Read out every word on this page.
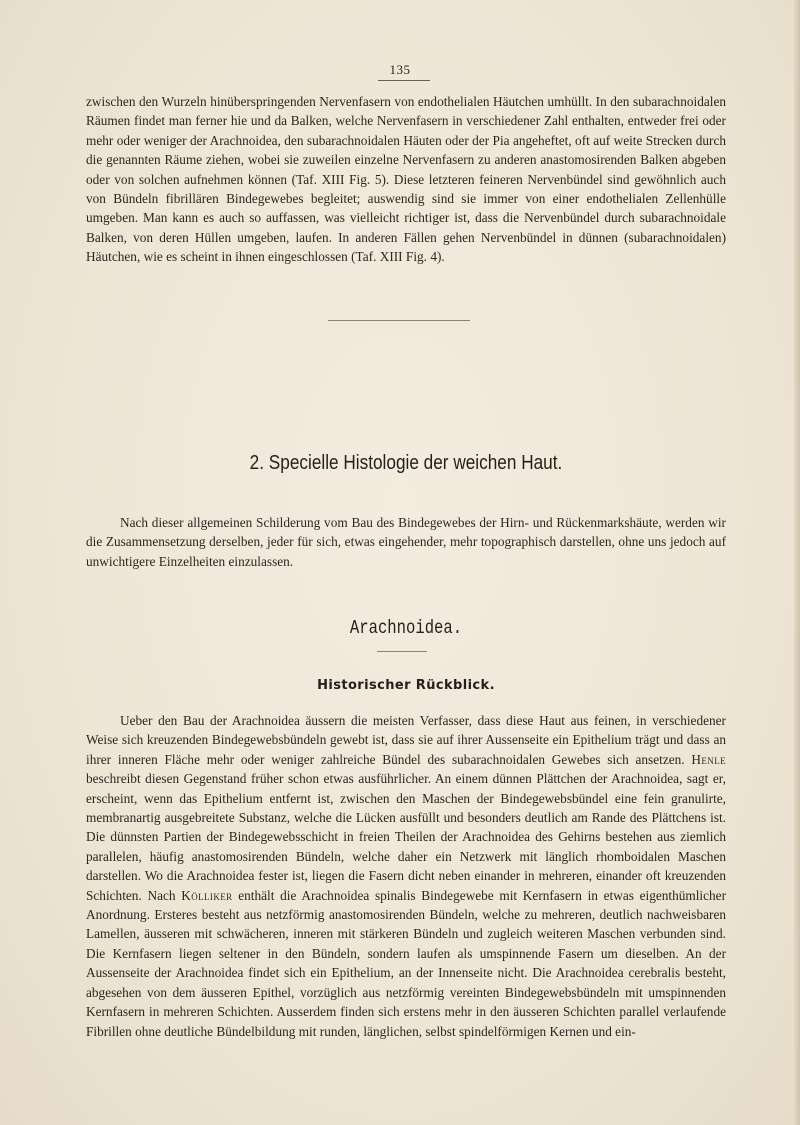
135

zwischen den Wurzeln hinüberspringenden Nervenfasern von endothelialen Häutchen umhüllt. In den subarachnoidalen Räumen findet man ferner hie und da Balken, welche Nervenfasern in verschiedener Zahl enthalten, entweder frei oder mehr oder weniger der Arachnoidea, den subarachnoidalen Häuten oder der Pia angeheftet, oft auf weite Strecken durch die genannten Räume ziehen, wobei sie zuweilen einzelne Nervenfasern zu anderen anastomosirenden Balken abgeben oder von solchen aufnehmen können (Taf. XIII Fig. 5). Diese letzteren feineren Nervenbündel sind gewöhnlich auch von Bündeln fibrillären Bindegewebes begleitet; auswendig sind sie immer von einer endothelialen Zellenhülle umgeben. Man kann es auch so auffassen, was vielleicht richtiger ist, dass die Nervenbündel durch subarachnoidale Balken, von deren Hüllen umgeben, laufen. In anderen Fällen gehen Nervenbündel in dünnen (subarachnoidalen) Häutchen, wie es scheint in ihnen eingeschlossen (Taf. XIII Fig. 4).

2. Specielle Histologie der weichen Haut.

Nach dieser allgemeinen Schilderung vom Bau des Bindegewebes der Hirn- und Rückenmarkshäute, werden wir die Zusammensetzung derselben, jeder für sich, etwas eingehender, mehr topographisch darstellen, ohne uns jedoch auf unwichtigere Einzelheiten einzulassen.

Arachnoidea.
Historischer Rückblick.

Ueber den Bau der Arachnoidea äussern die meisten Verfasser, dass diese Haut aus feinen, in verschiedener Weise sich kreuzenden Bindegewebsbündeln gewebt ist, dass sie auf ihrer Aussenseite ein Epithelium trägt und dass an ihrer inneren Fläche mehr oder weniger zahlreiche Bündel des subarachnoidalen Gewebes sich ansetzen. Henle beschreibt diesen Gegenstand früher schon etwas ausführlicher. An einem dünnen Plättchen der Arachnoidea, sagt er, erscheint, wenn das Epithelium entfernt ist, zwischen den Maschen der Bindegewebsbündel eine fein granulirte, membranartig ausgebreitete Substanz, welche die Lücken ausfüllt und besonders deutlich am Rande des Plättchens ist. Die dünnsten Partien der Bindegewebsschicht in freien Theilen der Arachnoidea des Gehirns bestehen aus ziemlich parallelen, häufig anastomosirenden Bündeln, welche daher ein Netzwerk mit länglich rhomboidalen Maschen darstellen. Wo die Arachnoidea fester ist, liegen die Fasern dicht neben einander in mehreren, einander oft kreuzenden Schichten. Nach Kölliker enthält die Arachnoidea spinalis Bindegewebe mit Kernfasern in etwas eigenthümlicher Anordnung. Ersteres besteht aus netzförmig anastomosirenden Bündeln, welche zu mehreren, deutlich nachweisbaren Lamellen, äusseren mit schwächeren, inneren mit stärkeren Bündeln und zugleich weiteren Maschen verbunden sind. Die Kernfasern liegen seltener in den Bündeln, sondern laufen als umspinnende Fasern um dieselben. An der Aussenseite der Arachnoidea findet sich ein Epithelium, an der Innenseite nicht. Die Arachnoidea cerebralis besteht, abgesehen von dem äusseren Epithel, vorzüglich aus netzförmig vereinten Bindegewebsbündeln mit umspinnenden Kernfasern in mehreren Schichten. Ausserdem finden sich erstens mehr in den äusseren Schichten parallel verlaufende Fibrillen ohne deutliche Bündelbildung mit runden, länglichen, selbst spindelförmigen Kernen und ein-
